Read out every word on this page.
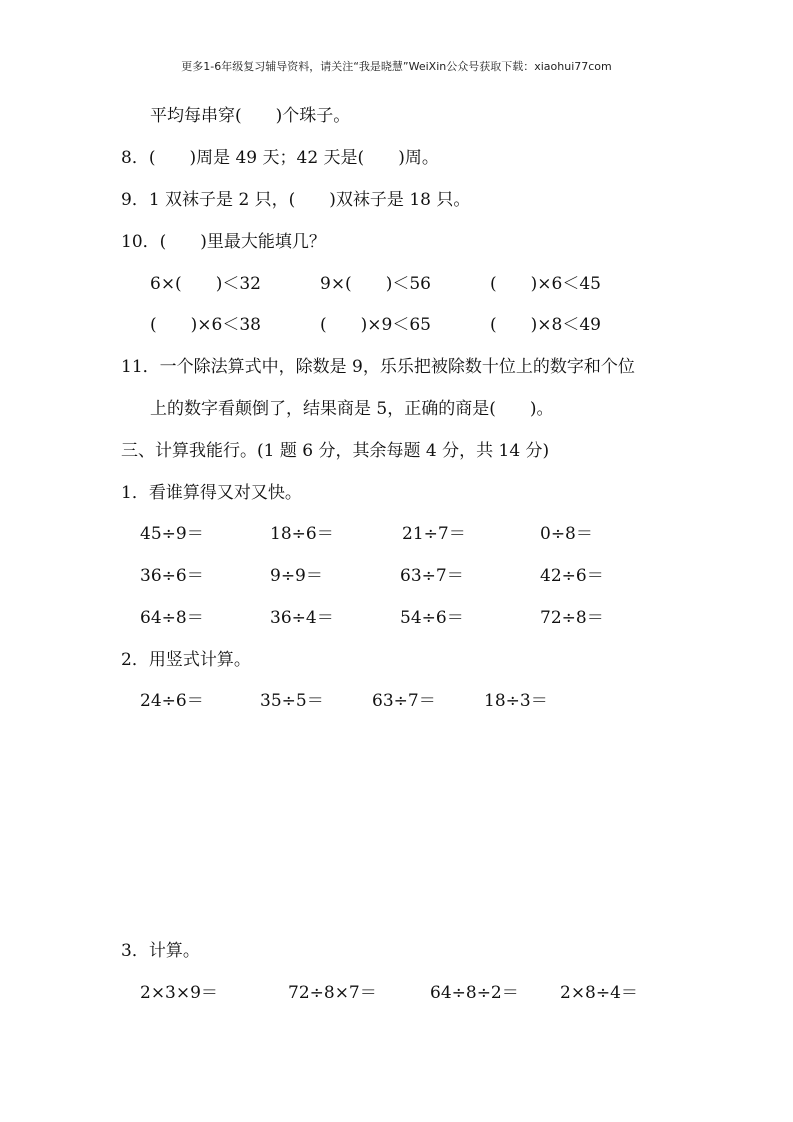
更多1-6年级复习辅导资料，请关注“我是晓慧”WeiXin公众号获取下载：xiaohui77com
平均每串穿(　　)个珠子。
8．(　　)周是 49 天；42 天是(　　)周。
9．1 双袜子是 2 只，(　　)双袜子是 18 只。
10．(　　)里最大能填几？
6×(　　)＜32	9×(　　)＜56	(　　)×6＜45
(　　)×6＜38	(　　)×9＜65	(　　)×8＜49
11．一个除法算式中，除数是 9，乐乐把被除数十位上的数字和个位
上的数字看颠倒了，结果商是 5，正确的商是(　　)。
三、计算我能行。(1 题 6 分，其余每题 4 分，共 14 分)
1．看谁算得又对又快。
45÷9＝	18÷6＝	21÷7＝	0÷8＝
36÷6＝	9÷9＝	63÷7＝	42÷6＝
64÷8＝	36÷4＝	54÷6＝	72÷8＝
2．用竖式计算。
24÷6＝	35÷5＝	63÷7＝	18÷3＝
3．计算。
2×3×9＝	72÷8×7＝	64÷8÷2＝ 2×8÷4＝
